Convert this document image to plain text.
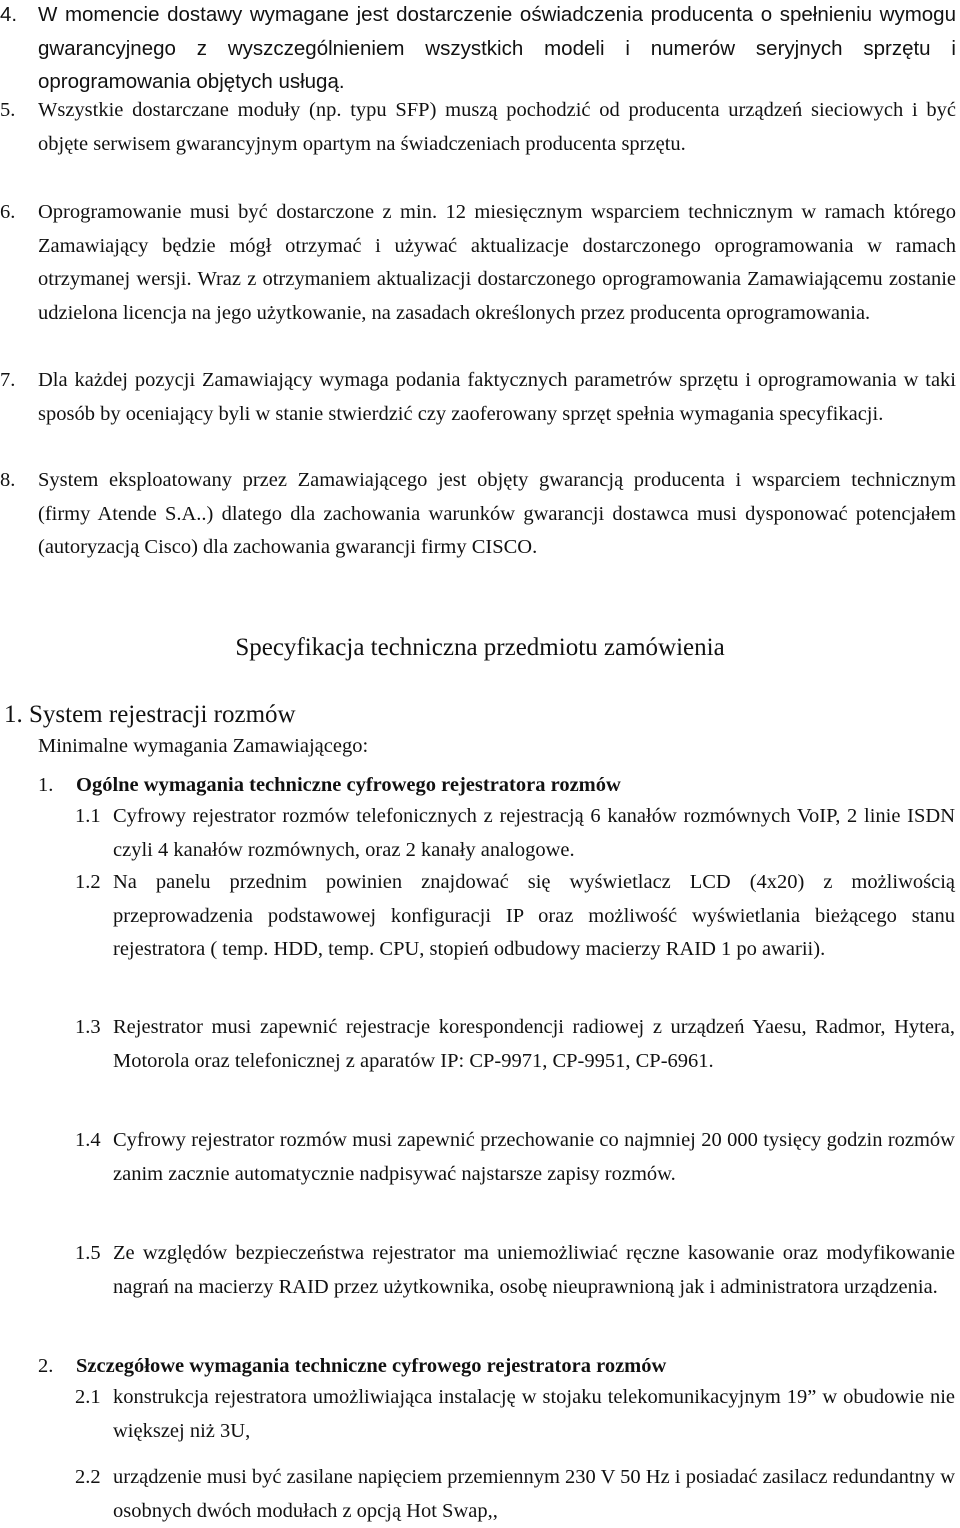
4. W momencie dostawy wymagane jest dostarczenie oświadczenia producenta o spełnieniu wymogu gwarancyjnego z wyszczególnieniem wszystkich modeli i numerów seryjnych sprzętu i oprogramowania objętych usługą.
5. Wszystkie dostarczane moduły (np. typu SFP) muszą pochodzić od producenta urządzeń sieciowych i być objęte serwisem gwarancyjnym opartym na świadczeniach producenta sprzętu.
6. Oprogramowanie musi być dostarczone z min. 12 miesięcznym wsparciem technicznym w ramach którego Zamawiający będzie mógł otrzymać i używać aktualizacje dostarczonego oprogramowania w ramach otrzymanej wersji. Wraz z otrzymaniem aktualizacji dostarczonego oprogramowania Zamawiającemu zostanie udzielona licencja na jego użytkowanie, na zasadach określonych przez producenta oprogramowania.
7. Dla każdej pozycji Zamawiający wymaga podania faktycznych parametrów sprzętu i oprogramowania w taki sposób by oceniający byli w stanie stwierdzić czy zaoferowany sprzęt spełnia wymagania specyfikacji.
8. System eksploatowany przez Zamawiającego jest objęty gwarancją producenta i wsparciem technicznym (firmy Atende S.A..) dlatego dla zachowania warunków gwarancji dostawca musi dysponować potencjałem (autoryzacją Cisco) dla zachowania gwarancji firmy CISCO.
Specyfikacja techniczna przedmiotu zamówienia
1. System rejestracji rozmów
Minimalne wymagania Zamawiającego:
1. Ogólne wymagania techniczne cyfrowego rejestratora rozmów
1.1 Cyfrowy rejestrator rozmów telefonicznych z rejestracją 6 kanałów rozmównych VoIP, 2 linie ISDN czyli 4 kanałów rozmównych, oraz 2 kanały analogowe.
1.2 Na panelu przednim powinien znajdować się wyświetlacz LCD (4x20) z możliwością przeprowadzenia podstawowej konfiguracji IP oraz możliwość wyświetlania bieżącego stanu rejestratora ( temp. HDD, temp. CPU, stopień odbudowy macierzy RAID 1 po awarii).
1.3 Rejestrator musi zapewnić rejestracje korespondencji radiowej z urządzeń Yaesu, Radmor, Hytera, Motorola oraz telefonicznej z aparatów IP: CP-9971, CP-9951, CP-6961.
1.4 Cyfrowy rejestrator rozmów musi zapewnić przechowanie co najmniej 20 000 tysięcy godzin rozmów zanim zacznie automatycznie nadpisywać najstarsze zapisy rozmów.
1.5 Ze względów bezpieczeństwa rejestrator ma uniemożliwiać ręczne kasowanie oraz modyfikowanie nagrań na macierzy RAID przez użytkownika, osobę nieuprawnioną jak i administratora urządzenia.
2. Szczegółowe wymagania techniczne cyfrowego rejestratora rozmów
2.1 konstrukcja rejestratora umożliwiająca instalację w stojaku telekomunikacyjnym 19” w obudowie nie większej niż 3U,
2.2 urządzenie musi być zasilane napięciem przemiennym 230 V 50 Hz i posiadać zasilacz redundantny w osobnych dwóch modułach z opcją Hot Swap,,
